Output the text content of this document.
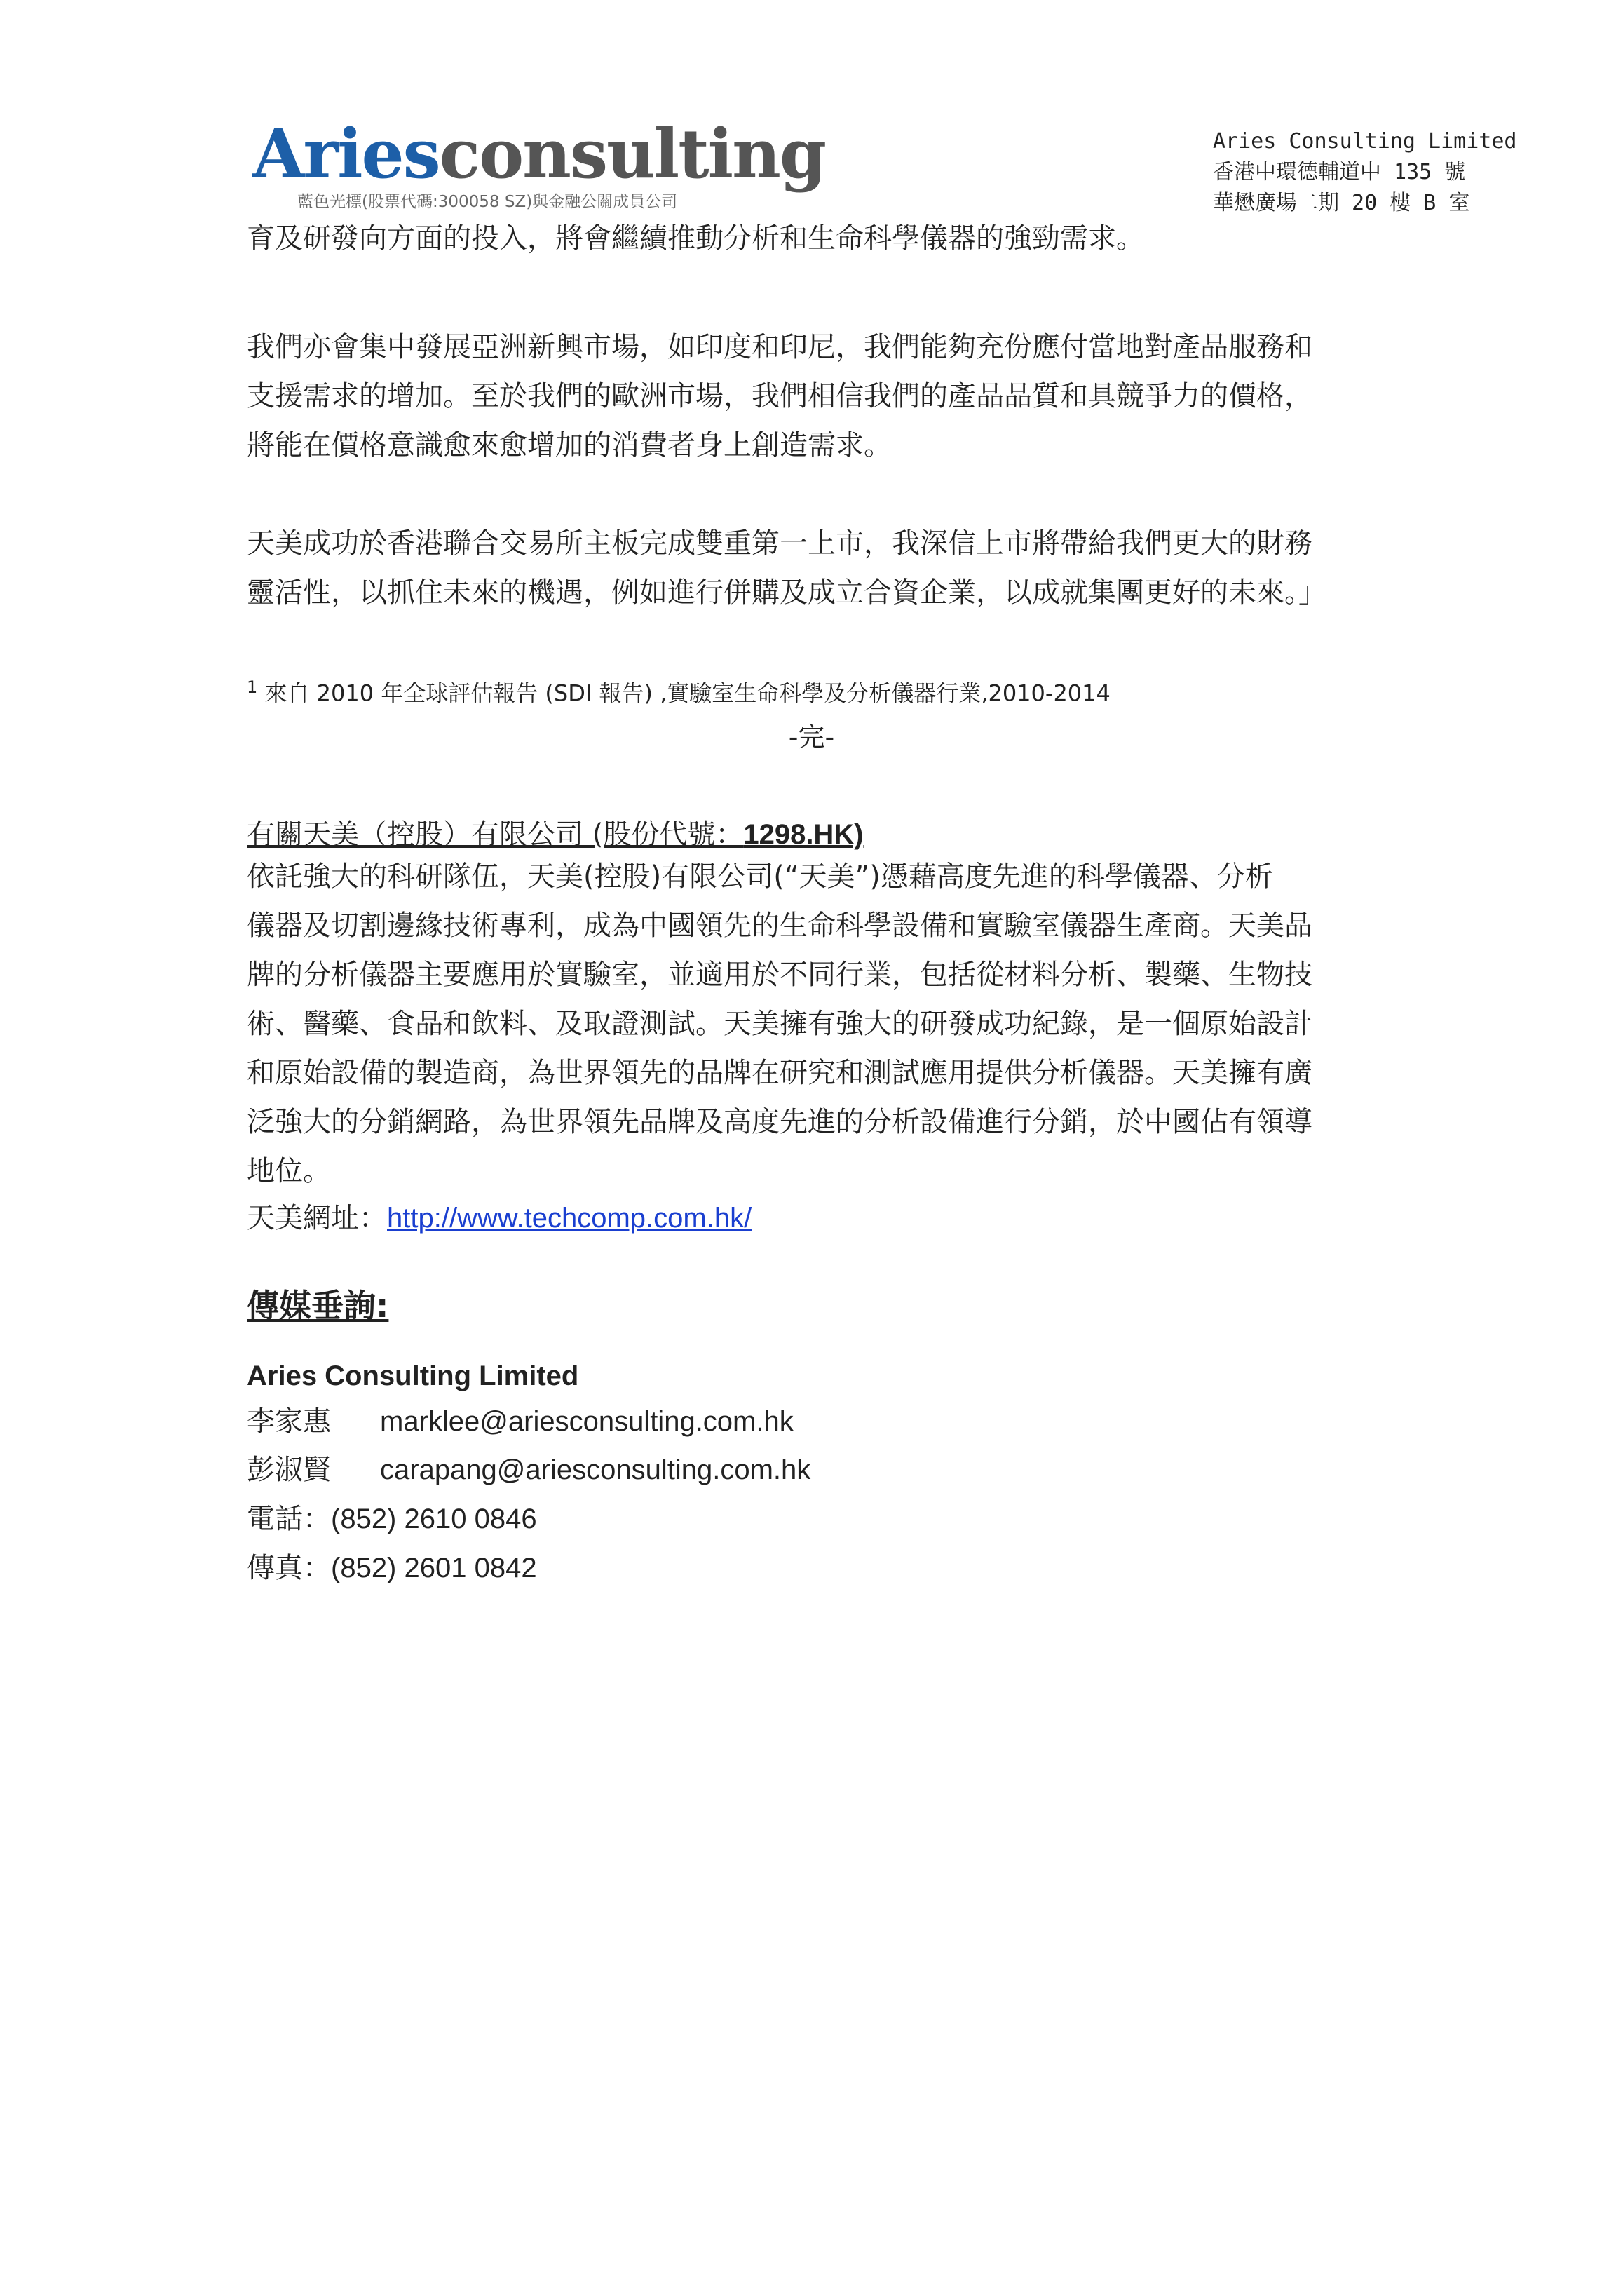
Ariesconsulting
藍色光標(股票代碼:300058 SZ)與金融公關成員公司
Aries Consulting Limited
香港中環德輔道中 135 號
華懋廣場二期 20 樓 B 室

育及研發向方面的投入，將會繼續推動分析和生命科學儀器的強勁需求。

我們亦會集中發展亞洲新興市場，如印度和印尼，我們能夠充份應付當地對產品服務和

支援需求的增加。至於我們的歐洲市場，我們相信我們的產品品質和具競爭力的價格，

將能在價格意識愈來愈增加的消費者身上創造需求。

天美成功於香港聯合交易所主板完成雙重第一上市，我深信上市將帶給我們更大的財務

靈活性，以抓住未來的機遇，例如進行併購及成立合資企業，以成就集團更好的未來。」

$^1$ 來自 2010 年全球評估報告 (SDI 報告) ,實驗室生命科學及分析儀器行業,2010-2014
-完-
有關天美（控股）有限公司 (股份代號：1298.HK)

依託強大的科研隊伍，天美(控股)有限公司(“天美”)憑藉高度先進的科學儀器、分析

儀器及切割邊緣技術專利，成為中國領先的生命科學設備和實驗室儀器生產商。天美品

牌的分析儀器主要應用於實驗室，並適用於不同行業，包括從材料分析、製藥、生物技

術、醫藥、食品和飲料、及取證測試。天美擁有強大的研發成功紀錄，是一個原始設計

和原始設備的製造商，為世界領先的品牌在研究和測試應用提供分析儀器。天美擁有廣

泛強大的分銷網路，為世界領先品牌及高度先進的分析設備進行分銷，於中國佔有領導

地位。

天美網址：http://www.techcomp.com.hk/
傳媒垂詢:
Aries Consulting Limited
李家惠 marklee@ariesconsulting.com.hk
彭淑賢 carapang@ariesconsulting.com.hk
電話：(852) 2610 0846
傳真：(852) 2601 0842
